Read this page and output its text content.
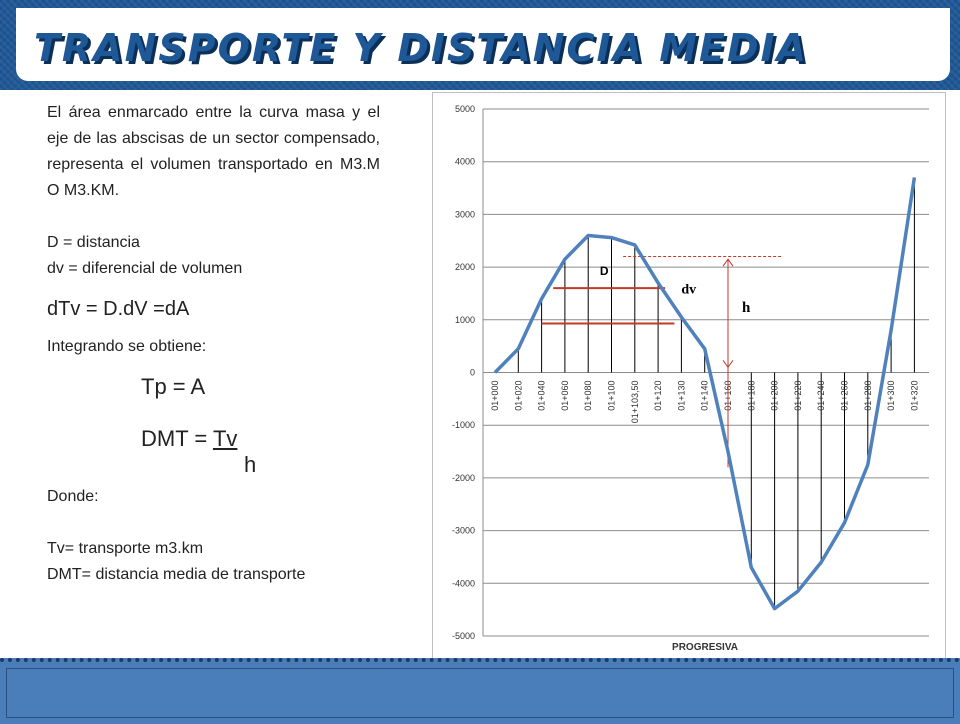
TRANSPORTE Y DISTANCIA MEDIA

El área enmarcado entre la curva masa y el eje de las abscisas de un sector compensado, representa el volumen transportado en M3.M O M3.KM.

D = distancia

dv = diferencial de volumen

dTv = D.dV =dA

Integrando se obtiene:

Tp = A

DMT = Tv

h

Donde:

Tv= transporte m3.km

DMT= distancia media de transporte

5000
4000
3000
2000
1000
0
-1000
-2000
-3000
-4000
-5000
01+000 01+020 01+040 01+060 01+080 01+100 01+103,50 01+120 01+130 01+140 01+160 01+180 01+200 01+220 01+240 01+260 01+280 01+300 01+320
D
dv
h
PROGRESIVA
